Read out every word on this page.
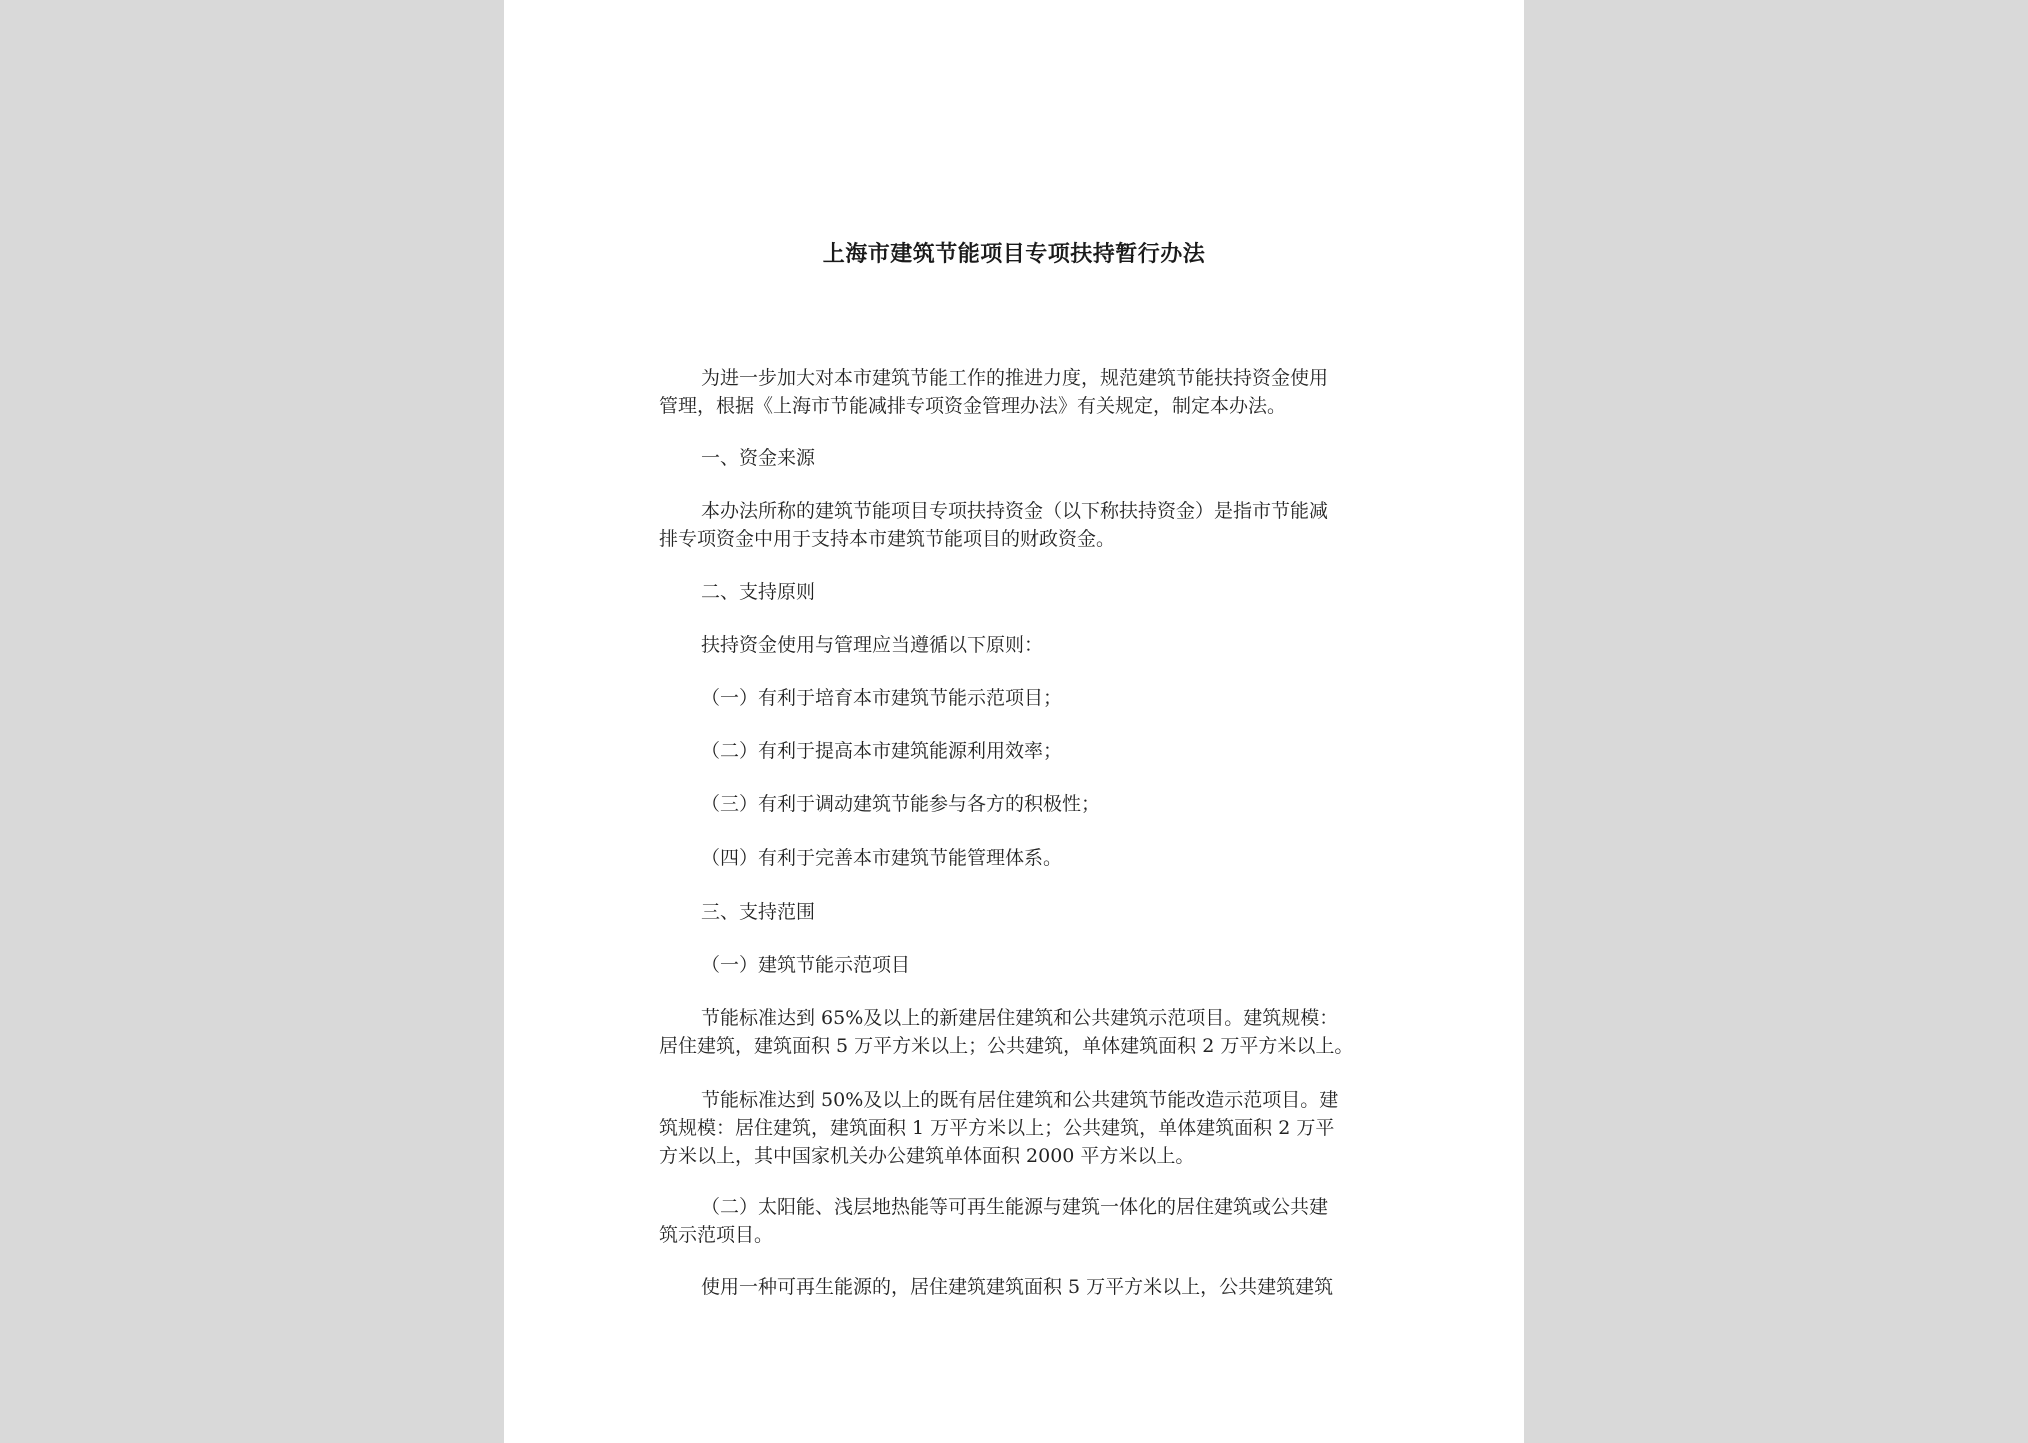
上海市建筑节能项目专项扶持暂行办法
为进一步加大对本市建筑节能工作的推进力度，规范建筑节能扶持资金使用
管理，根据《上海市节能减排专项资金管理办法》有关规定，制定本办法。
一、资金来源
本办法所称的建筑节能项目专项扶持资金（以下称扶持资金）是指市节能减
排专项资金中用于支持本市建筑节能项目的财政资金。
二、支持原则
扶持资金使用与管理应当遵循以下原则：
（一）有利于培育本市建筑节能示范项目；
（二）有利于提高本市建筑能源利用效率；
（三）有利于调动建筑节能参与各方的积极性；
（四）有利于完善本市建筑节能管理体系。
三、支持范围
（一）建筑节能示范项目
节能标准达到 65%及以上的新建居住建筑和公共建筑示范项目。建筑规模：
居住建筑，建筑面积 5 万平方米以上；公共建筑，单体建筑面积 2 万平方米以上。
节能标准达到 50%及以上的既有居住建筑和公共建筑节能改造示范项目。建
筑规模：居住建筑，建筑面积 1 万平方米以上；公共建筑，单体建筑面积 2 万平
方米以上，其中国家机关办公建筑单体面积 2000 平方米以上。
（二）太阳能、浅层地热能等可再生能源与建筑一体化的居住建筑或公共建
筑示范项目。
使用一种可再生能源的，居住建筑建筑面积 5 万平方米以上，公共建筑建筑
